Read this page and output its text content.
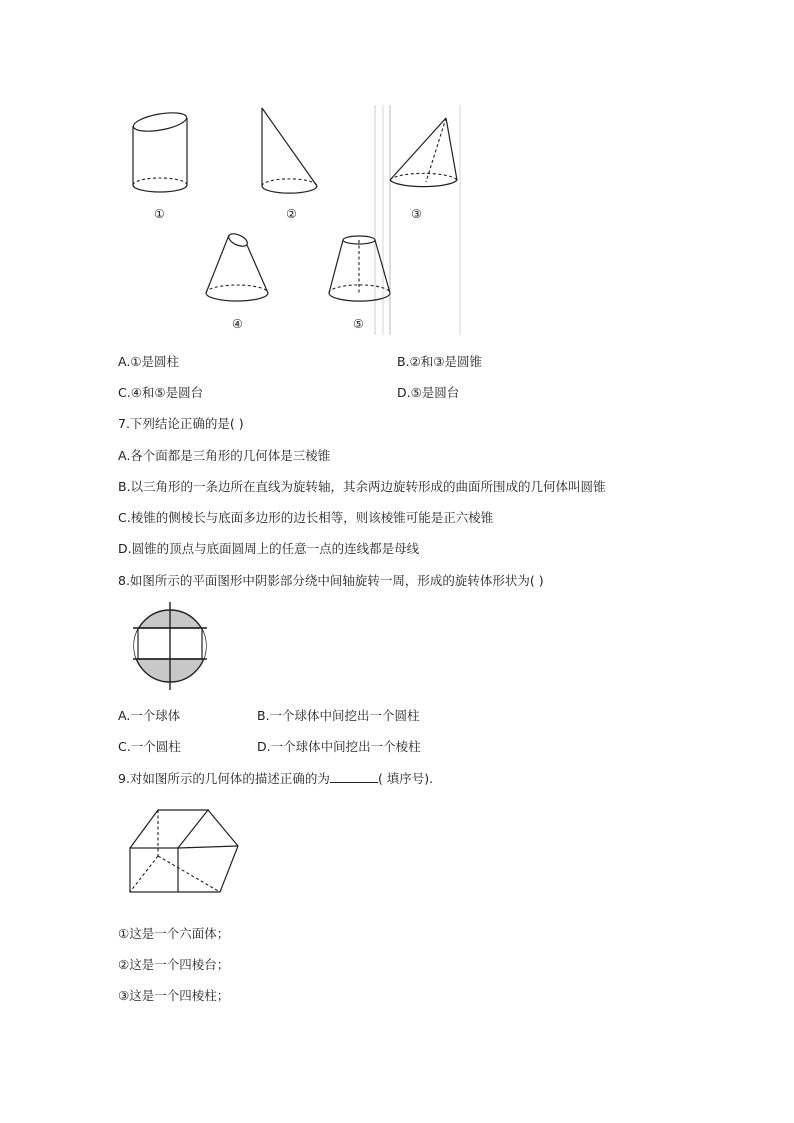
①	②	③
④	⑤
A.①是圆柱	B.②和③是圆锥
C.④和⑤是圆台	D.⑤是圆台
7.下列结论正确的是( )
A.各个面都是三角形的几何体是三棱锥
B.以三角形的一条边所在直线为旋转轴，其余两边旋转形成的曲面所围成的几何体叫圆锥
C.棱锥的侧棱长与底面多边形的边长相等，则该棱锥可能是正六棱锥
D.圆锥的顶点与底面圆周上的任意一点的连线都是母线
8.如图所示的平面图形中阴影部分绕中间轴旋转一周，形成的旋转体形状为( )
A.一个球体	B.一个球体中间挖出一个圆柱
C.一个圆柱	D.一个球体中间挖出一个棱柱
9.对如图所示的几何体的描述正确的为	( 填序号).
①这是一个六面体；
②这是一个四棱台；
③这是一个四棱柱；
